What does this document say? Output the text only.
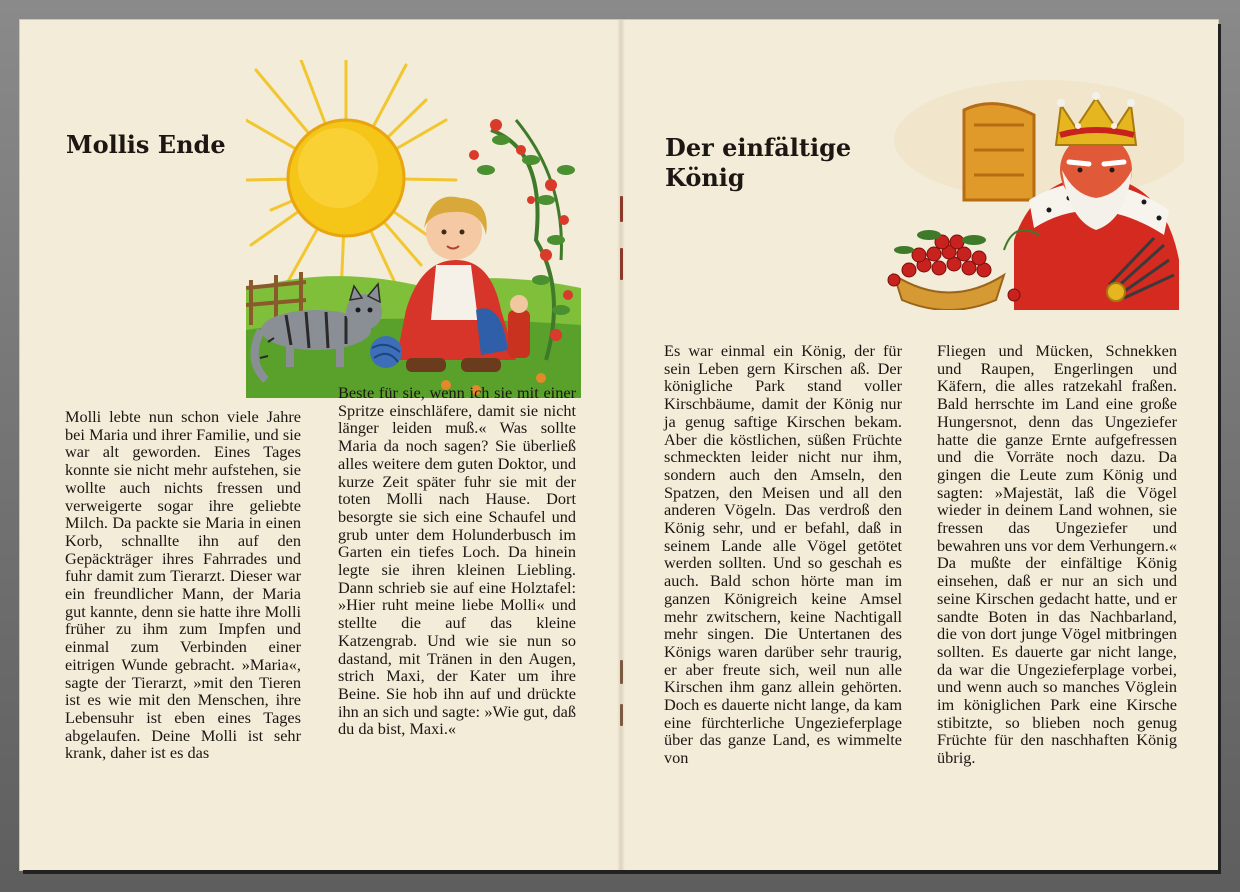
Mollis Ende

Molli lebte nun schon viele Jahre bei Maria und ihrer Familie, und sie war alt geworden. Eines Tages konnte sie nicht mehr aufstehen, sie wollte auch nichts fressen und verweigerte sogar ihre geliebte Milch. Da packte sie Maria in einen Korb, schnallte ihn auf den Gepäckträger ihres Fahrrades und fuhr damit zum Tierarzt. Dieser war ein freundlicher Mann, der Maria gut kannte, denn sie hatte ihre Molli früher zu ihm zum Impfen und einmal zum Verbinden einer eitrigen Wunde gebracht. »Maria«, sagte der Tierarzt, »mit den Tieren ist es wie mit den Menschen, ihre Lebensuhr ist eben eines Tages abgelaufen. Deine Molli ist sehr krank, daher ist es das

Beste für sie, wenn ich sie mit einer Spritze einschläfere, damit sie nicht länger leiden muß.« Was sollte Maria da noch sagen? Sie überließ alles weitere dem guten Doktor, und kurze Zeit später fuhr sie mit der toten Molli nach Hause. Dort besorgte sie sich eine Schaufel und grub unter dem Holunderbusch im Garten ein tiefes Loch. Da hinein legte sie ihren kleinen Liebling. Dann schrieb sie auf eine Holztafel: »Hier ruht meine liebe Molli« und stellte die auf das kleine Katzengrab. Und wie sie nun so dastand, mit Tränen in den Augen, strich Maxi, der Kater um ihre Beine. Sie hob ihn auf und drückte ihn an sich und sagte: »Wie gut, daß du da bist, Maxi.«

Der einfältige
König

Es war einmal ein König, der für sein Leben gern Kirschen aß. Der königliche Park stand voller Kirschbäume, damit der König nur ja genug saftige Kirschen bekam. Aber die köstlichen, süßen Früchte schmeckten leider nicht nur ihm, sondern auch den Amseln, den Spatzen, den Meisen und all den anderen Vögeln. Das verdroß den König sehr, und er befahl, daß in seinem Lande alle Vögel getötet werden sollten. Und so geschah es auch. Bald schon hörte man im ganzen Königreich keine Amsel mehr zwitschern, keine Nachtigall mehr singen. Die Untertanen des Königs waren darüber sehr traurig, er aber freute sich, weil nun alle Kirschen ihm ganz allein gehörten. Doch es dauerte nicht lange, da kam eine fürchterliche Ungezieferplage über das ganze Land, es wimmelte von

Fliegen und Mücken, Schnekken und Raupen, Engerlingen und Käfern, die alles ratzekahl fraßen. Bald herrschte im Land eine große Hungersnot, denn das Ungeziefer hatte die ganze Ernte aufgefressen und die Vorräte noch dazu. Da gingen die Leute zum König und sagten: »Majestät, laß die Vögel wieder in deinem Land wohnen, sie fressen das Ungeziefer und bewahren uns vor dem Verhungern.« Da mußte der einfältige König einsehen, daß er nur an sich und seine Kirschen gedacht hatte, und er sandte Boten in das Nachbarland, die von dort junge Vögel mitbringen sollten. Es dauerte gar nicht lange, da war die Ungezieferplage vorbei, und wenn auch so manches Vöglein im königlichen Park eine Kirsche stibitzte, so blieben noch genug Früchte für den naschhaften König übrig.
